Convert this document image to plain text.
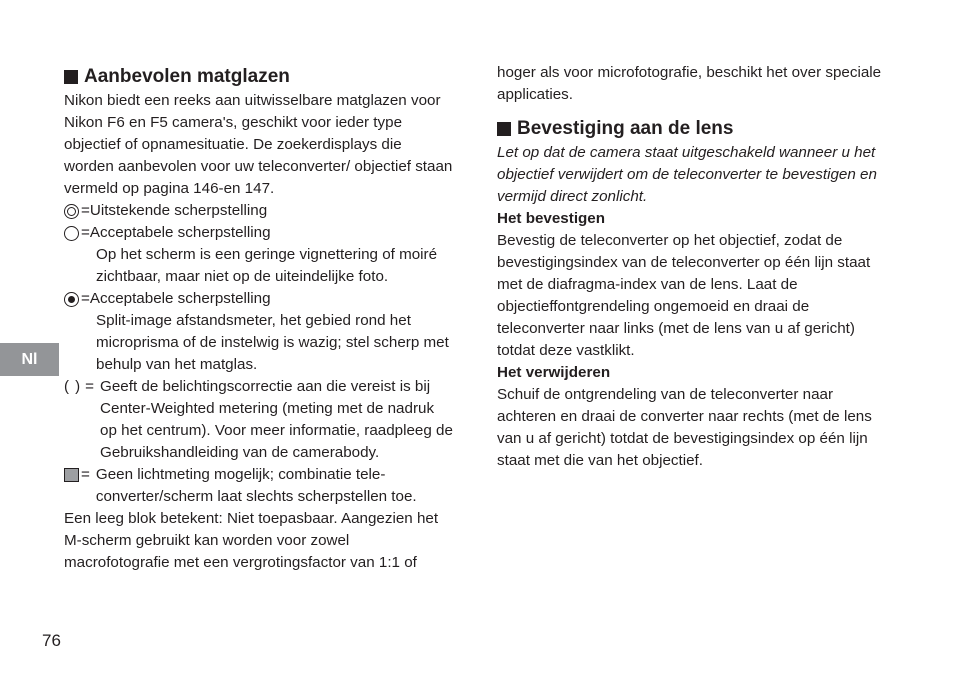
Aanbevolen matglazen

Nikon biedt een reeks aan uitwisselbare matglazen voor Nikon F6 en F5 camera's, geschikt voor ieder type objectief of opnamesituatie. De zoekerdisplays die worden aanbevolen voor uw teleconverter/ objectief staan vermeld op pagina 146-en 147.

= Uitstekende scherpstelling
= Acceptabele scherpstelling

Op het scherm is een geringe vignettering of moiré zichtbaar, maar niet op de uiteindelijke foto.

= Acceptabele scherpstelling

Split-image afstandsmeter, het gebied rond het microprisma of de instelwig is wazig; stel scherp met behulp van het matglas.

( ) = Geeft de belichtingscorrectie aan die vereist is bij Center-Weighted metering (meting met de nadruk op het centrum). Voor meer informatie, raadpleeg de Gebruikshandleiding van de camerabody.
= Geen lichtmeting mogelijk; combinatie tele-converter/scherm laat slechts scherpstellen toe.

Een leeg blok betekent: Niet toepasbaar. Aangezien het M-scherm gebruikt kan worden voor zowel macrofotografie met een vergrotingsfactor van 1:1 of

hoger als voor microfotografie, beschikt het over speciale applicaties.

Bevestiging aan de lens

Let op dat de camera staat uitgeschakeld wanneer u het objectief verwijdert om de teleconverter te bevestigen en vermijd direct zonlicht.

Het bevestigen

Bevestig de teleconverter op het objectief, zodat de bevestigingsindex van de teleconverter op één lijn staat met de diafragma-index van de lens. Laat de objectieffontgrendeling ongemoeid en draai de teleconverter naar links (met de lens van u af gericht) totdat deze vastklikt.

Het verwijderen

Schuif de ontgrendeling van de teleconverter naar achteren en draai de converter naar rechts (met de lens van u af gericht) totdat de bevestigingsindex op één lijn staat met die van het objectief.

Nl
76
